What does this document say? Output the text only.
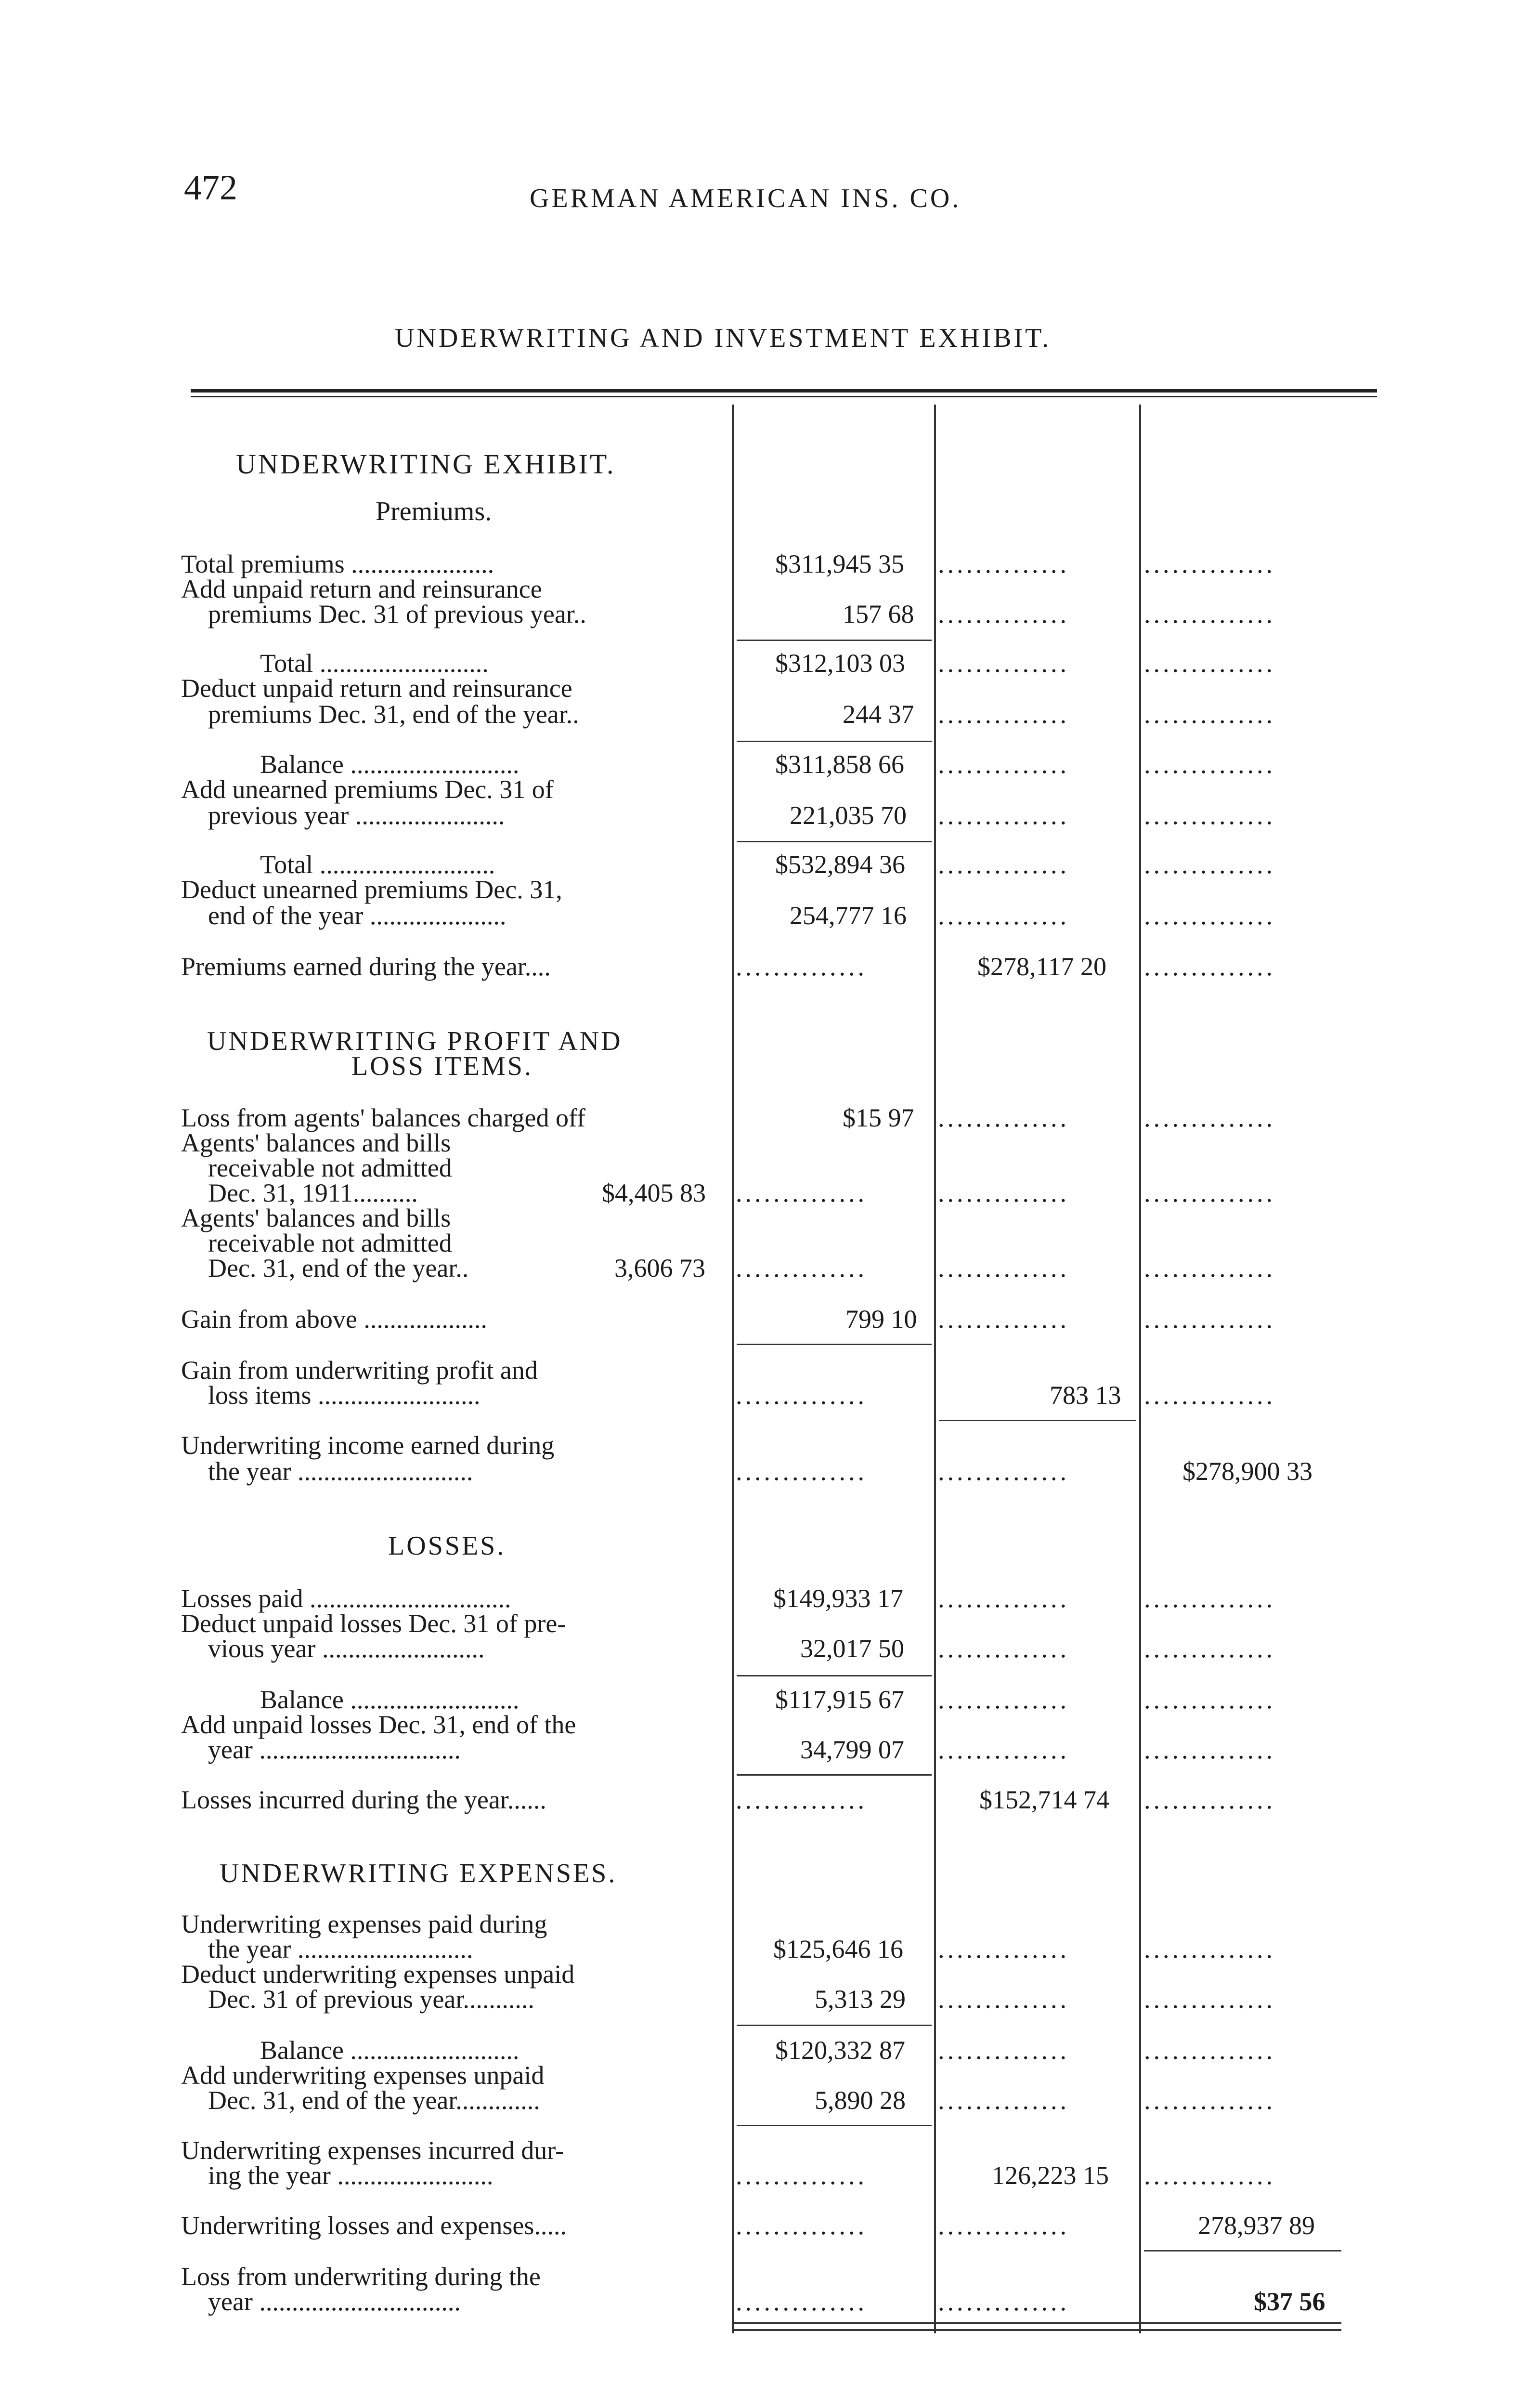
472	GERMAN AMERICAN INS. CO.
UNDERWRITING AND INVESTMENT EXHIBIT.
UNDERWRITING EXHIBIT.
Premiums.
Total premiums ......................	$311,945 35 ..............	..............
Add unpaid return and reinsurance
premiums Dec. 31 of previous year..	157 68 ..............	..............
Total ..........................	$312,103 03 ..............	..............
Deduct unpaid return and reinsurance
premiums Dec. 31, end of the year..	244 37 ..............	..............
Balance ..........................	$311,858 66 ..............	..............
Add unearned premiums Dec. 31 of
previous year .......................	221,035 70 ..............	..............
Total ...........................	$532,894 36 ..............	..............
Deduct unearned premiums Dec. 31,
end of the year .....................	254,777 16 ..............	..............
Premiums earned during the year....	..............	$278,117 20 ..............
UNDERWRITING PROFIT AND
LOSS ITEMS.
Loss from agents' balances charged off	$15 97 ..............	..............
Agents' balances and bills
receivable not admitted
Dec. 31, 1911..........	$4,405 83 ..............	..............	..............
Agents' balances and bills
receivable not admitted
Dec. 31, end of the year..	3,606 73 ..............	..............	..............
Gain from above ...................	799 10 ..............	..............
Gain from underwriting profit and
loss items .........................	..............	783 13 ..............
Underwriting income earned during
the year ...........................	..............	..............	$278,900 33
LOSSES.
Losses paid ...............................	$149,933 17 ..............	..............
Deduct unpaid losses Dec. 31 of pre-
vious year .........................	32,017 50 ..............	..............
Balance ..........................	$117,915 67 ..............	..............
Add unpaid losses Dec. 31, end of the
year ...............................	34,799 07 ..............	..............
Losses incurred during the year......	..............	$152,714 74 ..............
UNDERWRITING EXPENSES.
Underwriting expenses paid during
the year ...........................	$125,646 16 ..............	..............
Deduct underwriting expenses unpaid
Dec. 31 of previous year...........	5,313 29 ..............	..............
Balance ..........................	$120,332 87 ..............	..............
Add underwriting expenses unpaid
Dec. 31, end of the year.............	5,890 28 ..............	..............
Underwriting expenses incurred dur-
ing the year ........................	..............	126,223 15 ..............
Underwriting losses and expenses.....	..............	..............	278,937 89
Loss from underwriting during the
year ...............................	..............	..............	$37 56
